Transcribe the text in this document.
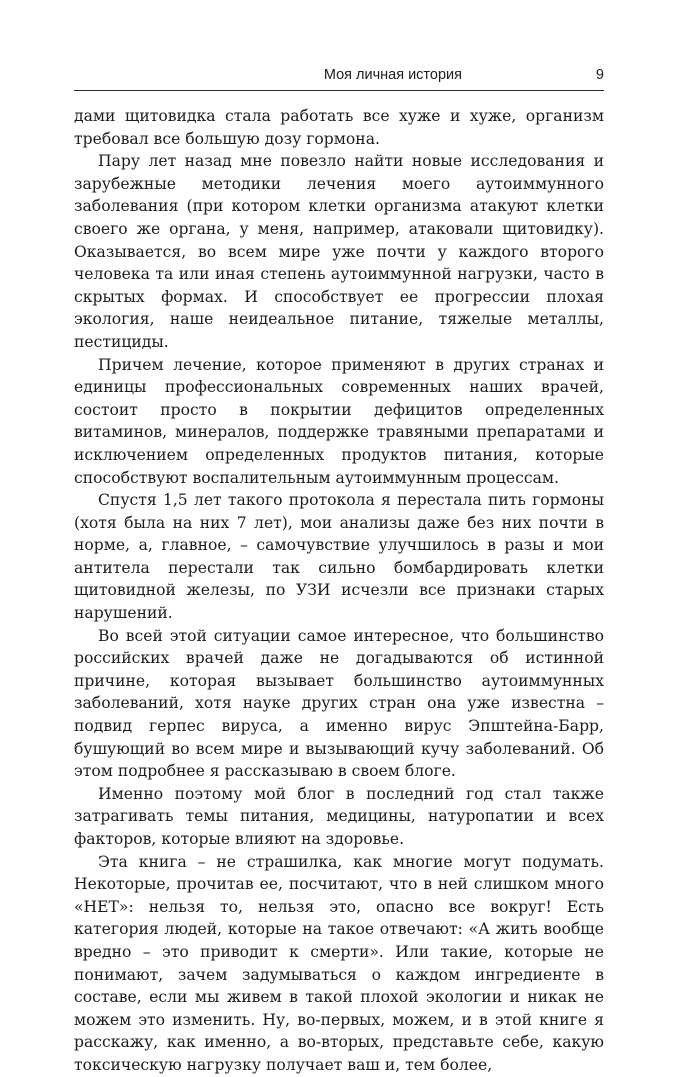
Моя личная история	9

дами щитовидка стала работать все хуже и хуже, организм требовал все большую дозу гормона.

Пару лет назад мне повезло найти новые исследования и зарубежные методики лечения моего аутоиммунного заболевания (при котором клетки организма атакуют клетки своего же органа, у меня, например, атаковали щитовидку). Оказывается, во всем мире уже почти у каждого второго человека та или иная степень аутоиммунной нагрузки, часто в скрытых формах. И способствует ее прогрессии плохая экология, наше неидеальное питание, тяжелые металлы, пестициды.

Причем лечение, которое применяют в других странах и единицы профессиональных современных наших врачей, состоит просто в покрытии дефицитов определенных витаминов, минералов, поддержке травяными препаратами и исключением определенных продуктов питания, которые способствуют воспалительным аутоиммунным процессам.

Спустя 1,5 лет такого протокола я перестала пить гормоны (хотя была на них 7 лет), мои анализы даже без них почти в норме, а, главное, – самочувствие улучшилось в разы и мои антитела перестали так сильно бомбардировать клетки щитовидной железы, по УЗИ исчезли все признаки старых нарушений.

Во всей этой ситуации самое интересное, что большинство российских врачей даже не догадываются об истинной причине, которая вызывает большинство аутоиммунных заболеваний, хотя науке других стран она уже известна – подвид герпес вируса, а именно вирус Эпштейна-Барр, бушующий во всем мире и вызывающий кучу заболеваний. Об этом подробнее я рассказываю в своем блоге.

Именно поэтому мой блог в последний год стал также затрагивать темы питания, медицины, натуропатии и всех факторов, которые влияют на здоровье.

Эта книга – не страшилка, как многие могут подумать. Некоторые, прочитав ее, посчитают, что в ней слишком много «НЕТ»: нельзя то, нельзя это, опасно все вокруг! Есть категория людей, которые на такое отвечают: «А жить вообще вредно – это приводит к смерти». Или такие, которые не понимают, зачем задумываться о каждом ингредиенте в составе, если мы живем в такой плохой экологии и никак не можем это изменить. Ну, во-первых, можем, и в этой книге я расскажу, как именно, а во-вторых, представьте себе, какую токсическую нагрузку получает ваш и, тем более,
